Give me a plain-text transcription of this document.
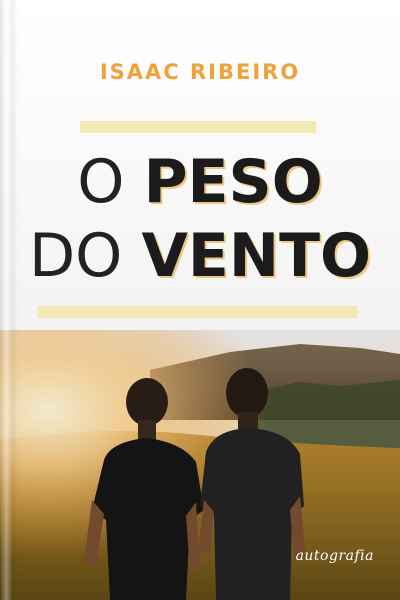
ISAAC RIBEIRO
O PESO
DO VENTO
autografia
